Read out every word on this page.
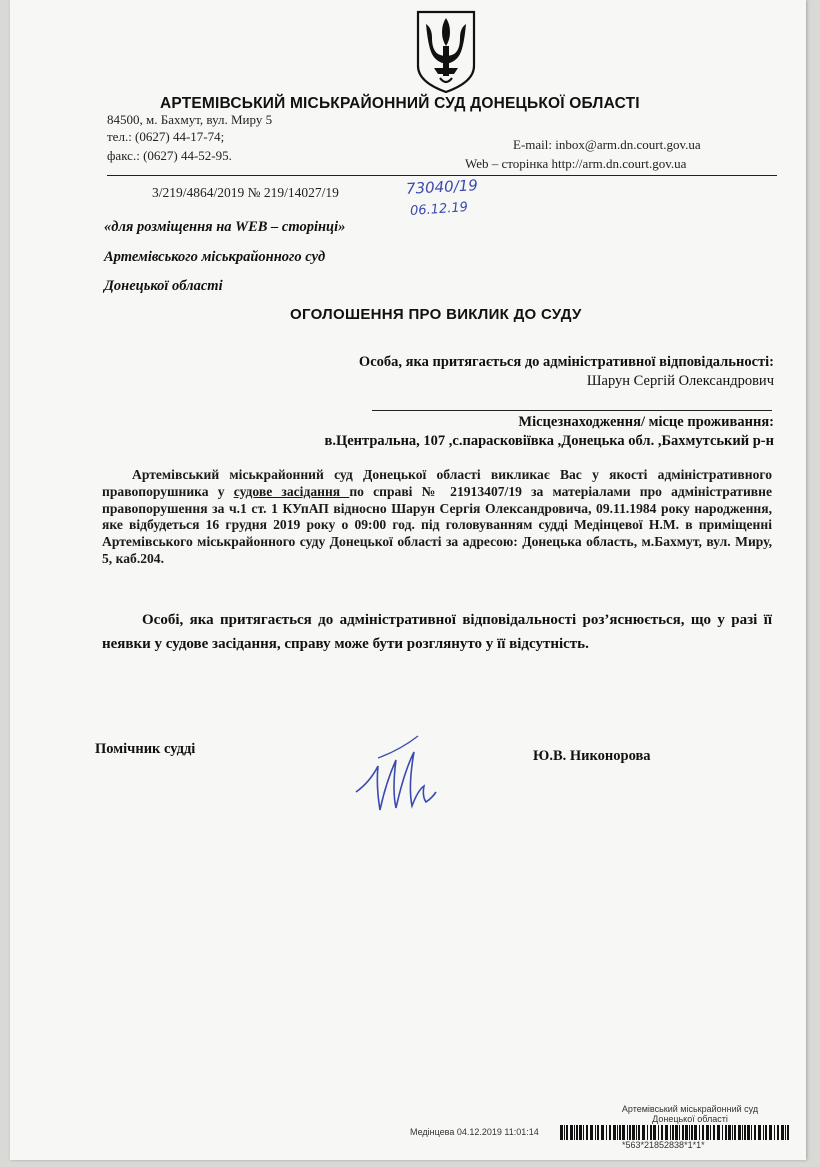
АРТЕМІВСЬКИЙ МІСЬКРАЙОННИЙ СУД ДОНЕЦЬКОЇ ОБЛАСТІ
84500, м. Бахмут, вул. Миру 5
тел.: (0627) 44-17-74;
факс.: (0627) 44-52-95.
E-mail: inbox@arm.dn.court.gov.ua
Web – сторінка http://arm.dn.court.gov.ua
3/219/4864/2019 № 219/14027/19	73040/19
06.12.19
«для розміщення на WEB – сторінці»
Артемівського міськрайонного суд
Донецької області
ОГОЛОШЕННЯ ПРО ВИКЛИК ДО СУДУ
Особа, яка притягається до адміністративної відповідальності:
Шарун Сергій Олександрович
Місцезнаходження/ місце проживання:
в.Центральна, 107 ,с.парасковіївка ,Донецька обл. ,Бахмутський р-н
Артемівський міськрайонний суд Донецької області викликає Вас у якості адміністративного правопорушника у судове засідання по справі № 21913407/19 за матеріалами про адміністративне правопорушення за ч.1 ст. 1 КУпАП відносно Шарун Сергія Олександровича, 09.11.1984 року народження, яке відбудеться 16 грудня 2019 року о 09:00 год. під головуванням судді Медінцевої Н.М. в приміщенні Артемівського міськрайонного суду Донецької області за адресою: Донецька область, м.Бахмут, вул. Миру, 5, каб.204.
Особі, яка притягається до адміністративної відповідальності роз’яснюється, що у разі її неявки у судове засідання, справу може бути розглянуто у її відсутність.
Помічник судді	Ю.В. Никонорова
Артемівський міськрайонний суд
Донецької області
Медінцева 04.12.2019 11:01:14
*563*21852838*1*1*
